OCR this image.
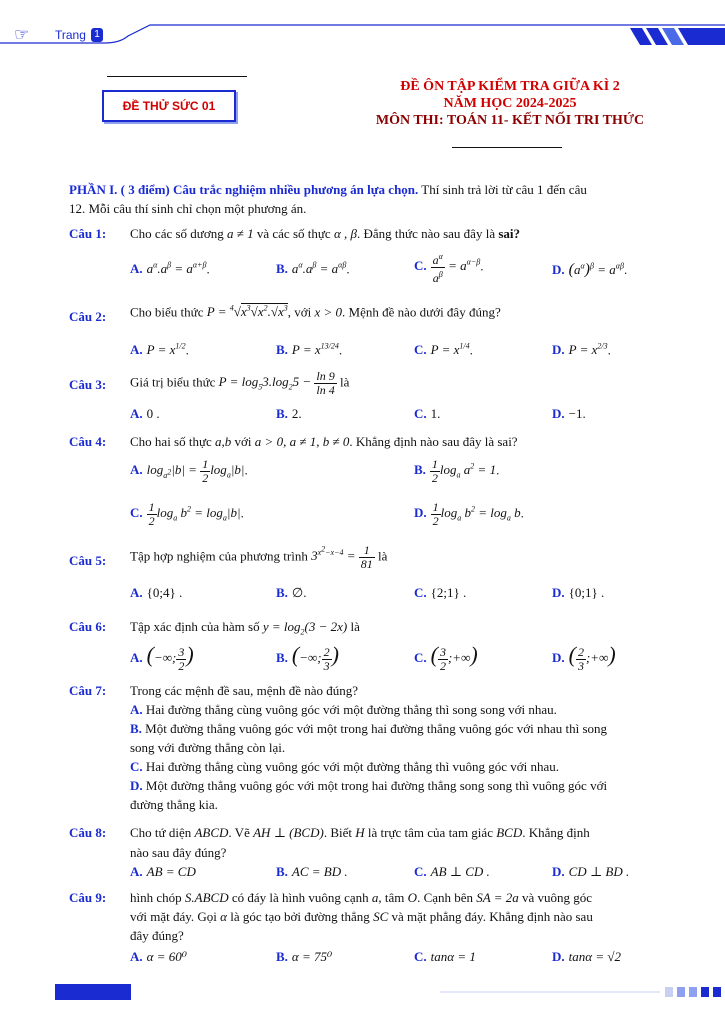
☞ Trang 1
ĐỀ THỬ SỨC 01
ĐỀ ÔN TẬP KIỂM TRA GIỮA KÌ 2
NĂM HỌC 2024-2025
MÔN THI: TOÁN 11- KẾT NỐI TRI THỨC
PHẦN I. ( 3 điểm) Câu trắc nghiệm nhiều phương án lựa chọn. Thí sinh trả lời từ câu 1 đến câu
12. Mỗi câu thí sinh chỉ chọn một phương án.
Câu 1: Cho các số dương a ≠ 1 và các số thực α , β. Đẳng thức nào sau đây là sai?
A. $a^\alpha.a^\beta = a^{\alpha+\beta}$.	B. $a^\alpha.a^\beta = a^{\alpha\beta}$.	C. $\frac{a^\alpha}{a^\beta} = a^{\alpha-\beta}$.	D. $(a^\alpha)^\beta = a^{\alpha\beta}$.
Câu 2: Cho biểu thức $P = ^4√x^3√x^2.√x^3$, với x > 0. Mệnh đề nào dưới đây đúng?
A. $P = x^{1/2}$.	B. $P = x^{13/24}$.	C. $P = x^{1/4}$.	D. $P = x^{2/3}$.
Câu 3: Giá trị biểu thức $P = \log_53.\log_25 - \frac{\ln 9}{\ln 4}$ là
A. 0 .	B. 2.	C. 1.	D. −1.
Câu 4: Cho hai số thực a,b với a > 0, a ≠ 1, b ≠ 0. Khẳng định nào sau đây là sai?
A. $\log_{a^2}|b| = \frac{1}{2} \log_a|b|$.	B. $\frac{1}{2} \log_a a^2 = 1$.
C. $\frac{1}{2} \log_a b^2 = \log_a|b|$.	D. $\frac{1}{2} \log_a b^2 = \log_a b$.
Câu 5: Tập hợp nghiệm của phương trình $3^{x^2-x-4} = \frac{1}{81}$ là
A. {0;4} .	B. ∅.	C. {2;1} .	D. {0;1} .
Câu 6: Tập xác định của hàm số $y = \log_2(3 - 2x)$ là
A. (−∞; $\frac{3}{2}$ )	B. (−∞; $\frac{2}{3}$ )	C. ( $\frac{3}{2}$ ;+∞)	D. ( $\frac{2}{3}$ ;+∞)
Câu 7: Trong các mệnh đề sau, mệnh đề nào đúng?
A. Hai đường thẳng cùng vuông góc với một đường thẳng thì song song với nhau.
B. Một đường thẳng vuông góc với một trong hai đường thẳng vuông góc với nhau thì song
song với đường thẳng còn lại.
C. Hai đường thẳng cùng vuông góc với một đường thẳng thì vuông góc với nhau.
D. Một đường thẳng vuông góc với một trong hai đường thẳng song song thì vuông góc với
đường thẳng kia.
Câu 8: Cho tứ diện ABCD. Vẽ AH ⊥ (BCD). Biết H là trực tâm của tam giác BCD. Khẳng định
nào sau đây đúng?
A. AB = CD	B. AC = BD .	C. AB ⊥ CD .	D. CD ⊥ BD .
Câu 9: hình chóp S.ABCD có đáy là hình vuông cạnh a, tâm O. Cạnh bên SA = 2a và vuông góc
với mặt đáy. Gọi α là góc tạo bởi đường thẳng SC và mặt phẳng đáy. Khẳng định nào sau
đây đúng?
A. α = 60⁰	B. α = 75⁰	C. tanα = 1	D. tanα = √2
